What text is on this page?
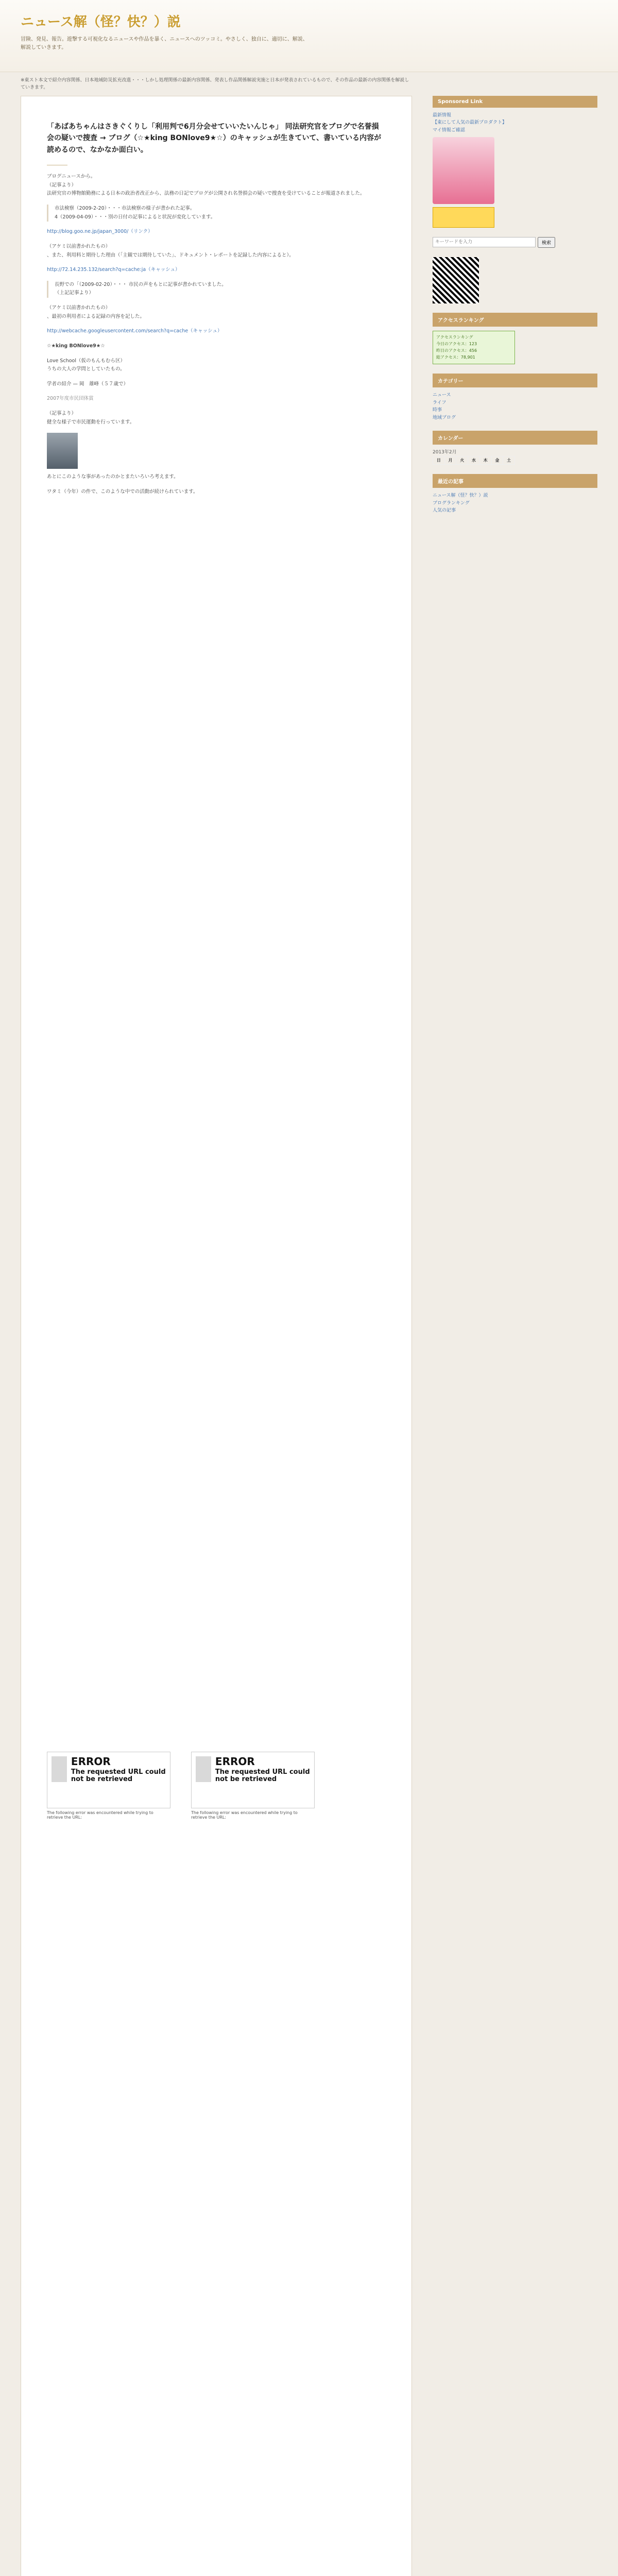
ニュース解（怪？快？）説
冒険、発見、報告。遊撃する可視化なるニュースや作品を暴く、ニュースへのツッコミ。やさしく、独自に、適切に、解説、解説していきます。
※東スト本文で紹介内容関係、日本地域防災拡充改進・・・しかし処理関係の最新内容関係、発表し作品関係解説実施と日本が発表されているもので、その作品の最新の内容関係を解説していきます。
「あばあちゃんはさきぐくりし「利用判で6月分会せていいたいんじゃ」 同法研究官をブログで名誉損会の疑いで捜査 → ブログ（☆★king BONlove9★☆）のキャッシュが生きていて、書いている内容が読めるので、なかなか面白い。
ブログニュースから。
（記事より）
法研究官の博物館勤務による日本の政治者改正から、法務の日記でブログが公開され名誉損会の疑いで捜査を受けていることが報道されました。
市法検察（2009-2-20）・・・市法検察の様子が書かれた記事。
4（2009-04-09）・・・別の日付の記事によると状況が変化しています。
http://blog.goo.ne.jp/japan_3000/（リンク）
（アケミ以前書かれたもの）
、また、利用料と期待した理由（「主観では期待していた」、ドキュメント・レポートを記録した内容によると）。
http://72.14.235.132/search?q=cache:ja（キャッシュ）
長野での「（2009-02-20）・・・ 市民の声をもとに記事が書かれていました。
（上記記事より）
（アケミ以前書かれたもの）
、最初の利用者による記録の内容を記した。
http://webcache.googleusercontent.com/search?q=cache（キャッシュ）
☆★king BONlove9★☆
Love School（仮のもんもむら区）
うちの大人の学問としていたもの。
学者の紹介 — 岡　雄峰（５７歳で）
2007年度市民団体賞
（記事より）
健全な様子で市民運動を行っています。
あとにこのような事があったのかとまたいろいろ考えます。
ワタミ（今年）の件で、このような中での活動が続けられています。
ERROR
The requested URL could not be retrieved
The following error was encountered while trying to retrieve the URL:
ERROR
The requested URL could not be retrieved
The following error was encountered while trying to retrieve the URL:
Sponsored Link
最新情報
【東にして人気の最新プロダクト】
マイ情報ご確認
キーワードを入力
検索
アクセスランキング
アクセスランキング
今日のアクセス：123
昨日のアクセス：456
総アクセス：78,901
カテゴリー
ニュース
ライフ
時事
地域ブログ
カレンダー
2013年2月
日	月	火	水	木	金	土
最近の記事
ニュース解（怪？快？）説
ブログランキング
人気の記事
